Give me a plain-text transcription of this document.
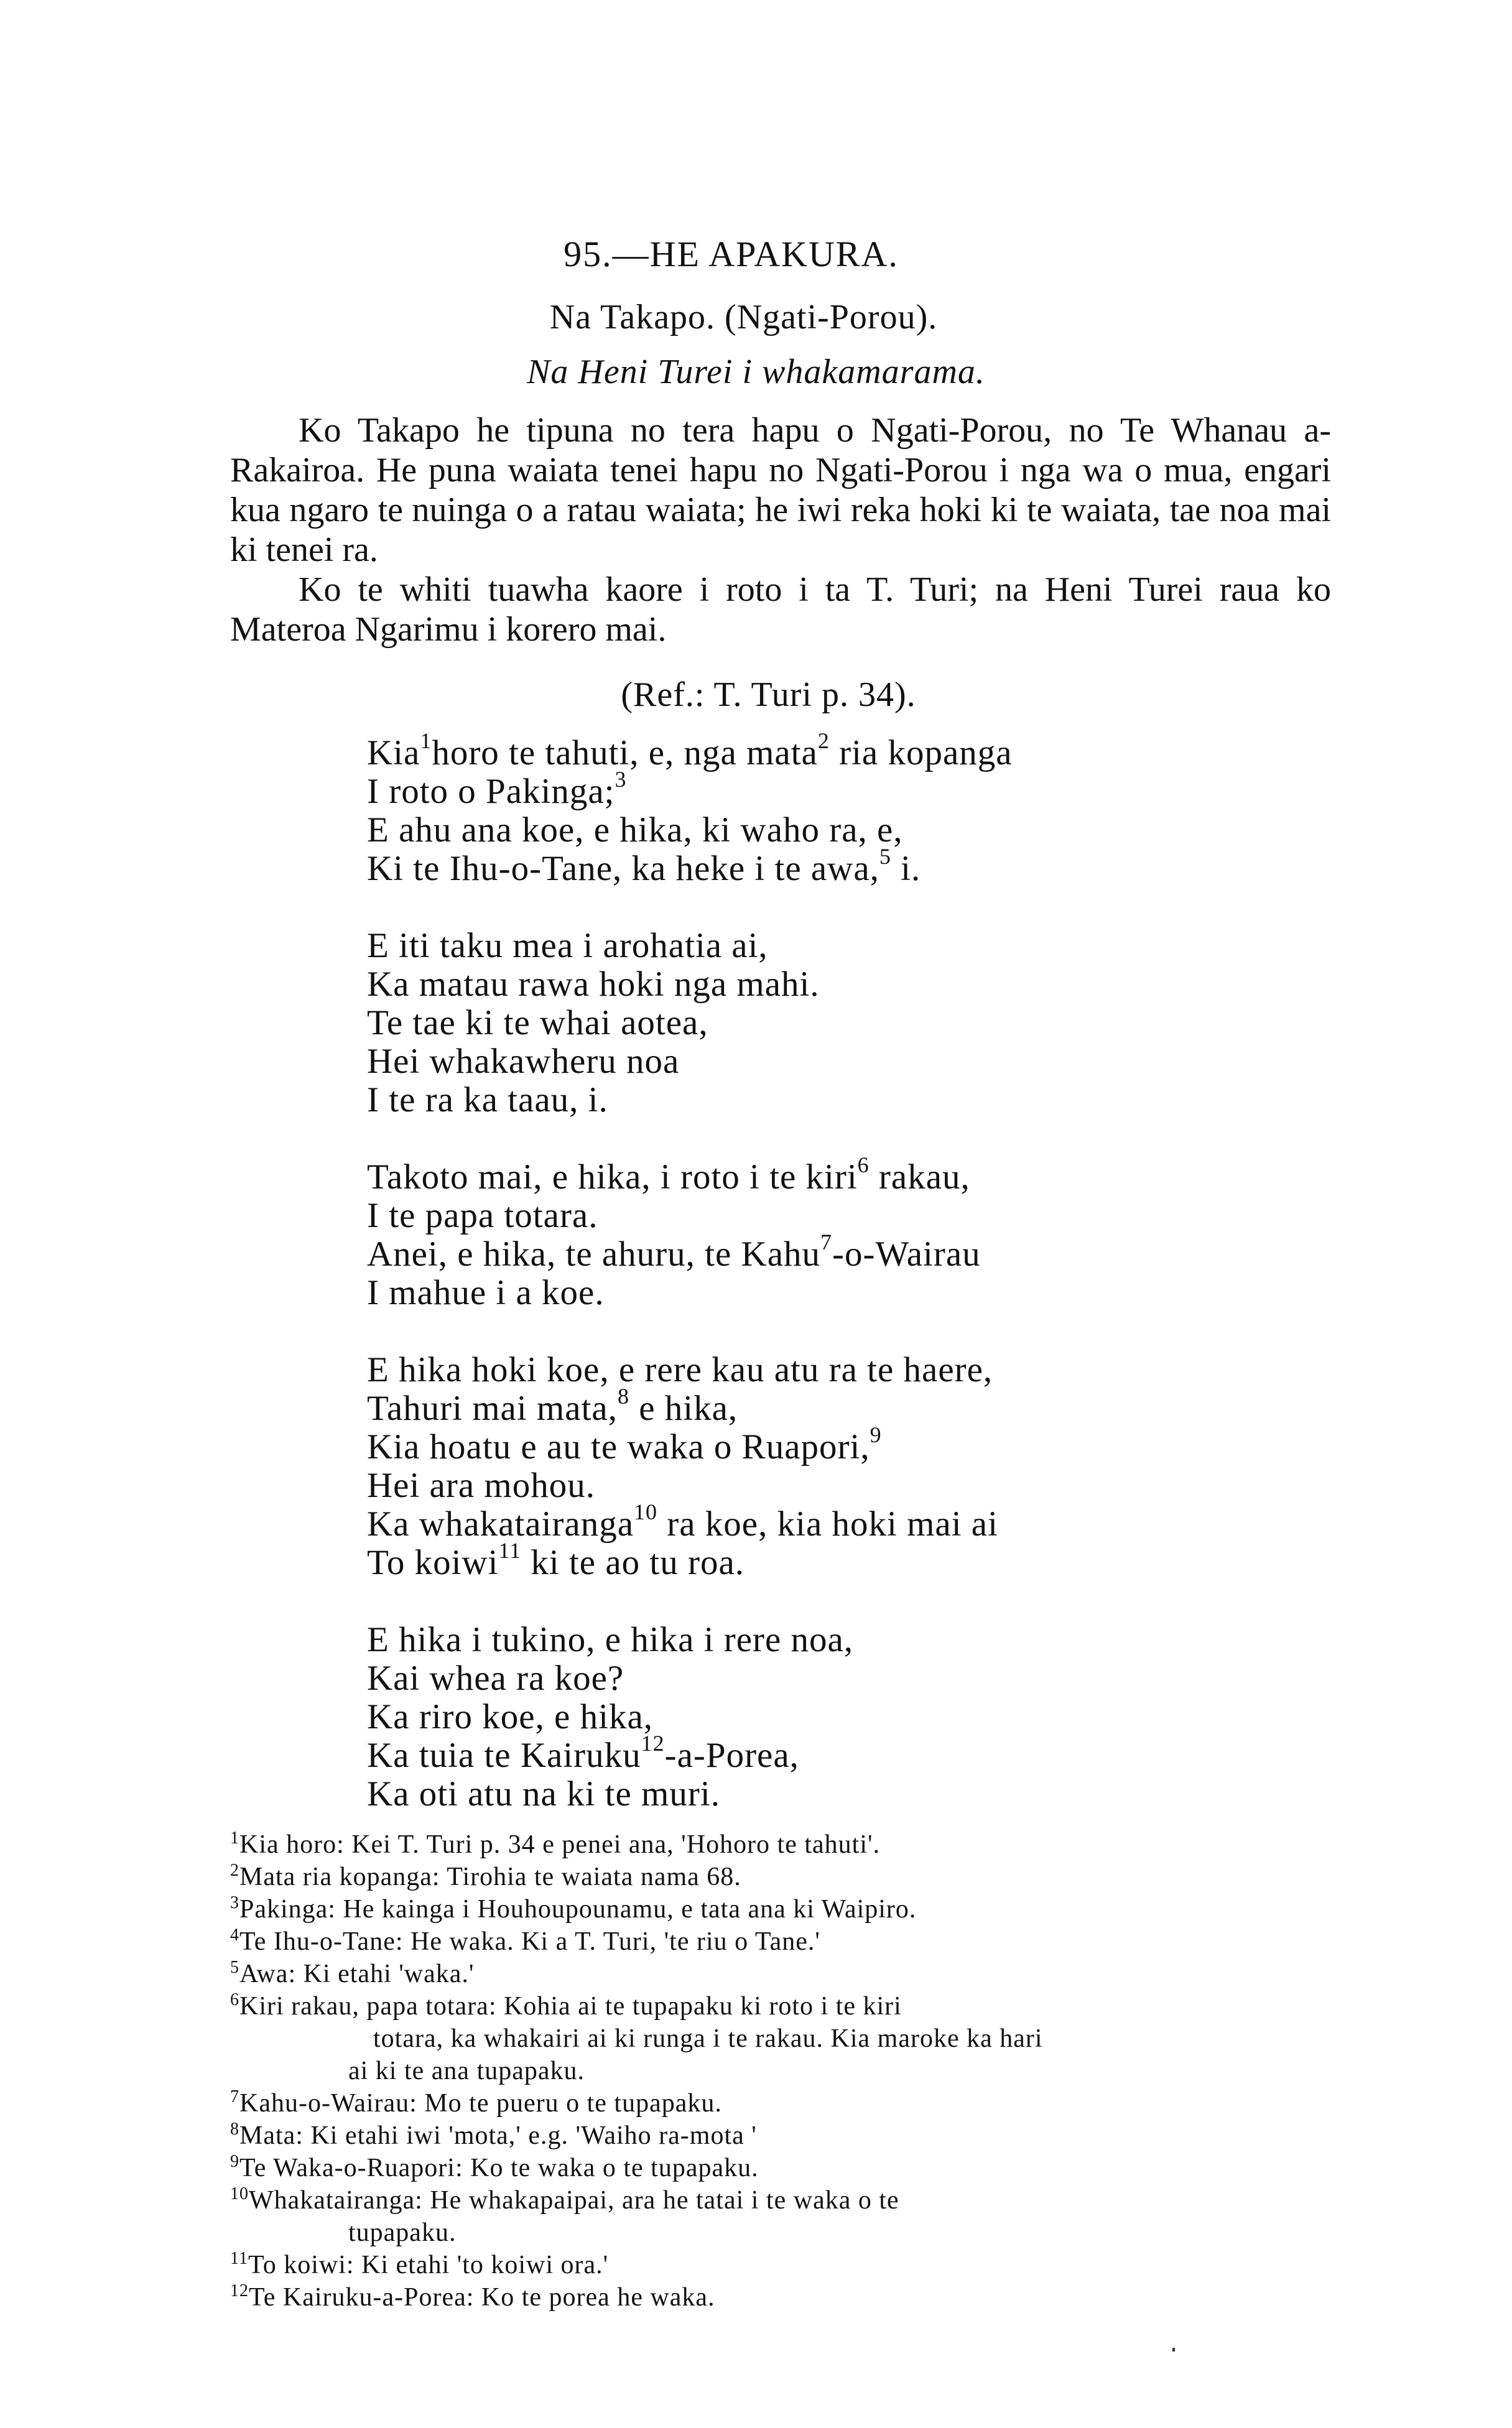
95.—HE APAKURA.
Na Takapo. (Ngati-Porou).
Na Heni Turei i whakamarama.

Ko Takapo he tipuna no tera hapu o Ngati-Porou, no Te Whanau a-Rakairoa. He puna waiata tenei hapu no Ngati-Porou i nga wa o mua, engari kua ngaro te nuinga o a ratau waiata; he iwi reka hoki ki te waiata, tae noa mai ki tenei ra.

Ko te whiti tuawha kaore i roto i ta T. Turi; na Heni Turei raua ko Materoa Ngarimu i korero mai.

(Ref.: T. Turi p. 34).
Kia$^1$horo te tahuti, e, nga mata$^2$ ria kopanga
I roto o Pakinga;$^3$
E ahu ana koe, e hika, ki waho ra, e,
Ki te Ihu-o-Tane, ka heke i te awa,$^5$ i.
E iti taku mea i arohatia ai,
Ka matau rawa hoki nga mahi.
Te tae ki te whai aotea,
Hei whakawheru noa
I te ra ka taau, i.
Takoto mai, e hika, i roto i te kiri$^6$ rakau,
I te papa totara.
Anei, e hika, te ahuru, te Kahu$^7$-o-Wairau
I mahue i a koe.
E hika hoki koe, e rere kau atu ra te haere,
Tahuri mai mata,$^8$ e hika,
Kia hoatu e au te waka o Ruapori,$^9$
Hei ara mohou.
Ka whakatairanga$^{10}$ ra koe, kia hoki mai ai
To koiwi$^{11}$ ki te ao tu roa.
E hika i tukino, e hika i rere noa,
Kai whea ra koe?
Ka riro koe, e hika,
Ka tuia te Kairuku$^{12}$-a-Porea,
Ka oti atu na ki te muri.
$^1$Kia horo: Kei T. Turi p. 34 e penei ana, 'Hohoro te tahuti'.
$^2$Mata ria kopanga: Tirohia te waiata nama 68.
$^3$Pakinga: He kainga i Houhoupounamu, e tata ana ki Waipiro.
$^4$Te Ihu-o-Tane: He waka. Ki a T. Turi, 'te riu o Tane.'
$^5$Awa: Ki etahi 'waka.'
$^6$Kiri rakau, papa totara: Kohia ai te tupapaku ki roto i te kiri
totara, ka whakairi ai ki runga i te rakau. Kia maroke ka hari
ai ki te ana tupapaku.
$^7$Kahu-o-Wairau: Mo te pueru o te tupapaku.
$^8$Mata: Ki etahi iwi 'mota,' e.g. 'Waiho ra-mota '
$^9$Te Waka-o-Ruapori: Ko te waka o te tupapaku.
$^{10}$Whakatairanga: He whakapaipai, ara he tatai i te waka o te
tupapaku.
$^{11}$To koiwi: Ki etahi 'to koiwi ora.'
$^{12}$Te Kairuku-a-Porea: Ko te porea he waka.
